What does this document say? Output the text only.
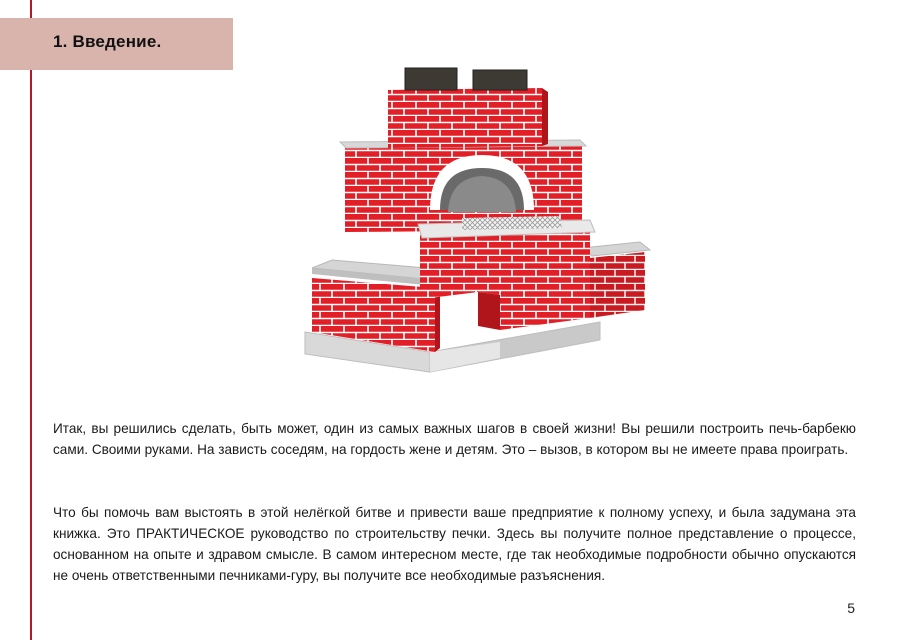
1. Введение.
Итак, вы решились сделать, быть может, один из самых важных шагов в своей жизни! Вы решили построить печь-барбекю сами. Своими руками. На зависть соседям, на гордость жене и детям. Это – вызов, в котором вы не имеете права проиграть.
Что бы помочь вам выстоять в этой нелёгкой битве и привести ваше предприятие к полному успеху, и была задумана эта книжка. Это ПРАКТИЧЕСКОЕ руководство по строительству печки. Здесь вы получите полное представление о процессе, основанном на опыте и здравом смысле. В самом интересном месте, где так необходимые подробности обычно опускаются не очень ответственными печниками-гуру, вы получите все необходимые разъяснения.
5
